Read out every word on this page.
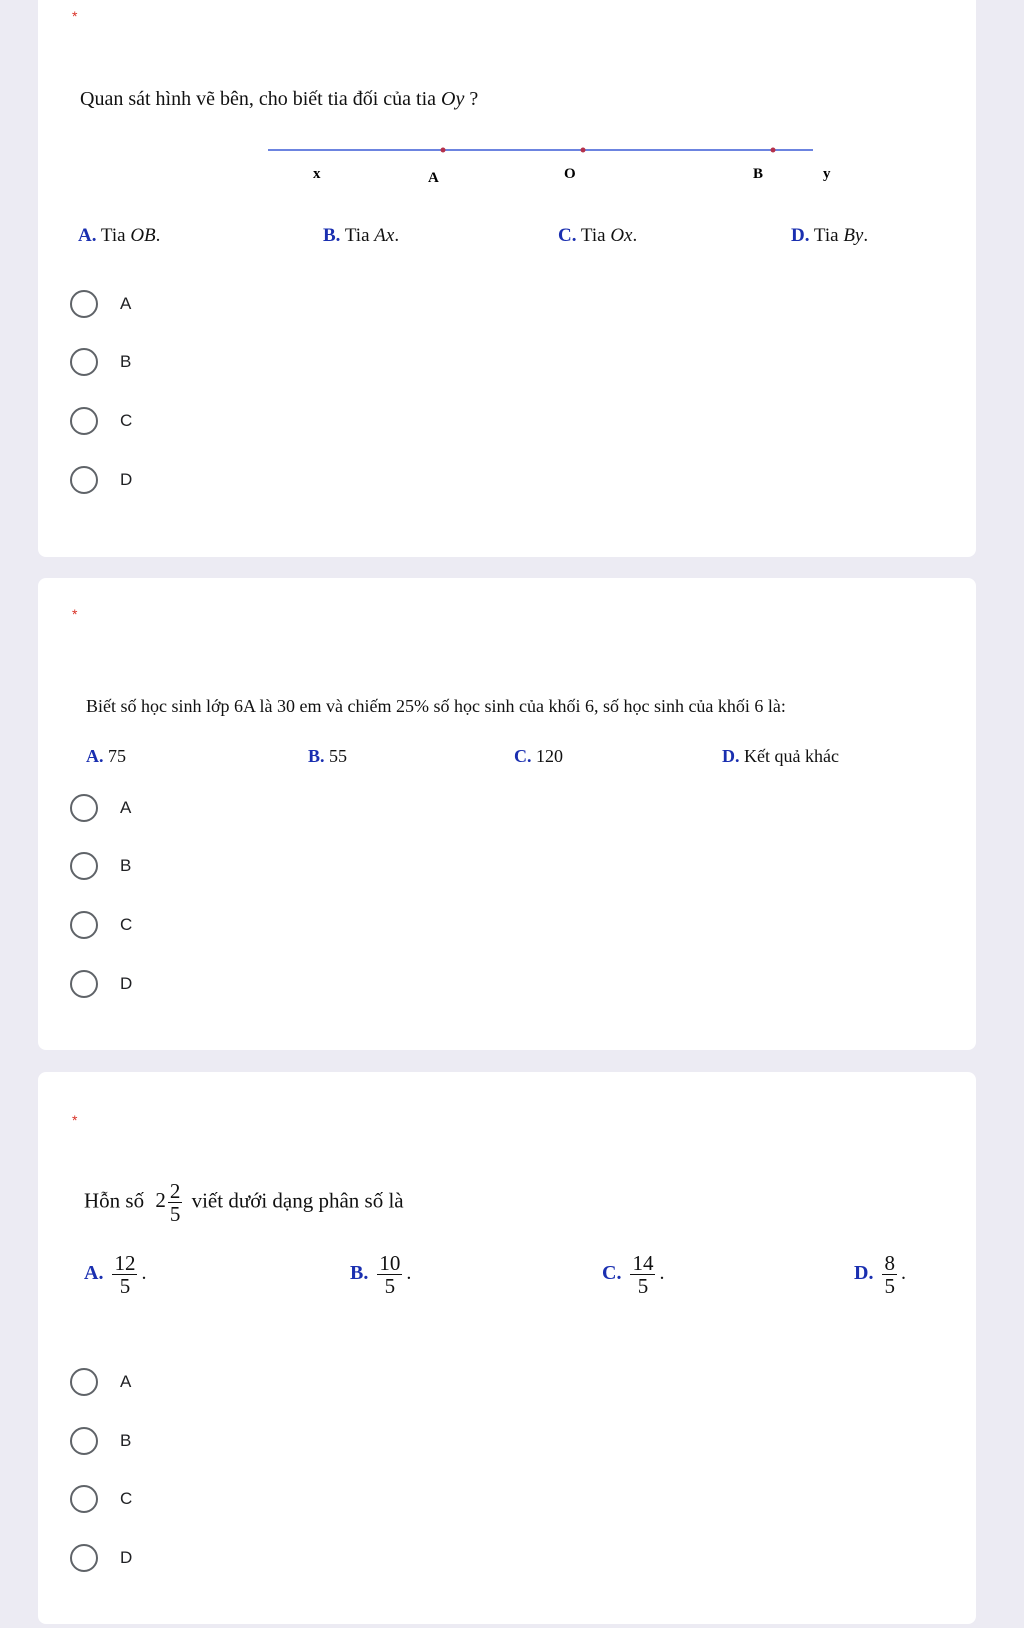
*
Quan sát hình vẽ bên, cho biết tia đối của tia Oy ?
x	A	O	B	y
A. Tia OB.	B. Tia Ax.	C. Tia Ox.	D. Tia By.
A
B
C
D
*
Biết số học sinh lớp 6A là 30 em và chiếm 25% số học sinh của khối 6, số học sinh của khối 6 là:
A. 75	B. 55	C. 120	D. Kết quả khác
A
B
C
D
*
Hỗn số $2 \frac{2}{5}$ viết dưới dạng phân số là
A. $\frac{12}{5}$ .	B. $\frac{10}{5}$ .	C. $\frac{14}{5}$ .	D. $\frac{8}{5}$ .
A
B
C
D
